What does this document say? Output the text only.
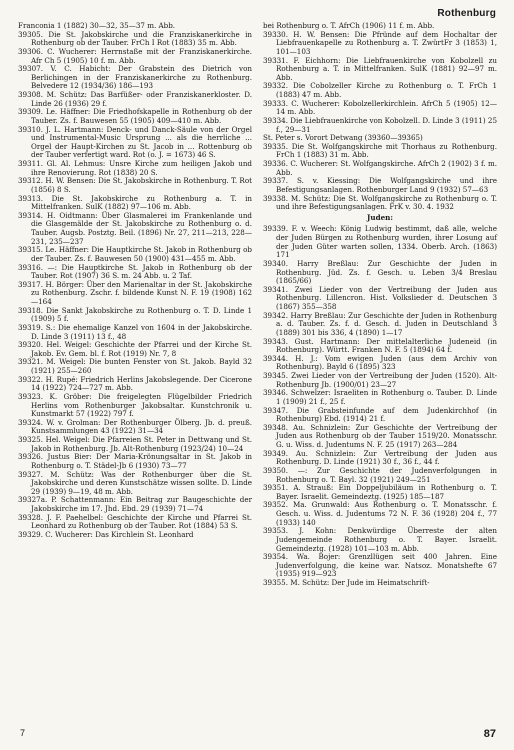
Rothenburg

Franconia 1 (1882) 30—32, 35—37 m. Abb.

39305. Die St. Jakobskirche und die Franziskanerkirche in Rothenburg ob der Tauber. FrCh I Rot (1883) 35 m. Abb.

39306. C. Wucherer: Herrnstaße mit der Franziskanerkirche. Afr Ch 5 (1905) 10 f. m. Abb.

39307. V. C. Habicht: Der Grabstein des Dietrich von Berlichingen in der Franziskanerkirche zu Rothenburg. Belvedere 12 (1934/36) 186—193

39308. M. Schütz: Das Barfüßer- oder Franziskanerkloster. D. Linde 26 (1936) 29 f.

39309. Le. Häffner: Die Friedhofskapelle in Rothenburg ob der Tauber. Zs. f. Bauwesen 55 (1905) 409—410 m. Abb.

39310. J. L. Hartmann: Denck- und Danck-Säule von der Orgel und Instrumental-Music Ursprung ... als die herrliche ... Orgel der Haupt-Kirchen zu St. Jacob in ... Rottenburg ob der Tauber verfertigt ward. Rot (o. J. = 1673) 46 S.

39311. Gl. Al. Lehmus: Unsre Kirche zum heiligen Jakob und ihre Renovierung. Rot (1838) 20 S.

39312. H. W. Bensen: Die St. Jakobskirche in Rothenburg. T. Rot (1856) 8 S.

39313. Die St. Jakobskirche zu Rothenburg a. T. in Mittelfranken. SulK (1882) 97—106 m. Abb.

39314. H. Oidtmann: Über Glasmalerei im Frankenlande und die Glasgemälde der St. Jakobskirche zu Rothenburg o. d. Tauber. Augsb. Postztg. Beil. (1896) Nr. 27, 211—213, 228—231, 235—237

39315. Le. Häffner: Die Hauptkirche St. Jakob in Rothenburg ob der Tauber. Zs. f. Bauwesen 50 (1900) 431—455 m. Abb.

39316. —: Die Hauptkirche St. Jakob in Rothenburg ob der Tauber. Rot (1907) 36 S. m. 24 Abb. u. 2 Taf.

39317. H. Börger: Über den Marienaltar in der St. Jakobskirche zu Rothenburg. Zschr. f. bildende Kunst N. F. 19 (1908) 162—164

39318. Die Sankt Jakobskirche zu Rothenburg o. T. D. Linde 1 (1909) 5 f.

39319. S.: Die ehemalige Kanzel von 1604 in der Jakobskirche. D. Linde 3 (1911) 13 f., 48

39320. Hel. Weigel: Geschichte der Pfarrei und der Kirche St. Jakob. Ev. Gem. bl. f. Rot (1919) Nr. 7, 8

39321. M. Weigel: Die bunten Fenster von St. Jakob. Bayld 32 (1921) 255—260

39322. H. Rupé: Friedrich Herlins Jakobslegende. Der Cicerone 14 (1922) 724—727 m. Abb.

39323. K. Gröber: Die freigelegten Flügelbilder Friedrich Herlins vom Rothenburger Jakobsaltar. Kunstchronik u. Kunstmarkt 57 (1922) 797 f.

39324. W. v. Grolman: Der Rothenburger Ölberg. Jb. d. preuß. Kunstsammlungen 43 (1922) 31—34

39325. Hel. Weigel: Die Pfarreien St. Peter in Dettwang und St. Jakob in Rothenburg. Jb. Alt-Rothenburg (1923/24) 10—24

39326. Justus Bier: Der Maria-Krönungsaltar in St. Jakob in Rothenburg o. T. Städel-Jb 6 (1930) 73—77

39327. M. Schütz: Was der Rothenburger über die St. Jakobskirche und deren Kunstschätze wissen sollte. D. Linde 29 (1939) 9—19, 48 m. Abb.

39327a. P. Schattenmann: Ein Beitrag zur Baugeschichte der Jakobskirche im 17. Jhd. Ebd. 29 (1939) 71—74

39328. J. F. Paehelbel: Geschichte der Kirche und Pfarrei St. Leonhard zu Rothenburg ob der Tauber. Rot (1884) 53 S.

39329. C. Wucherer: Das Kirchlein St. Leonhard

bei Rothenburg o. T. AfrCh (1906) 11 f. m. Abb.

39330. H. W. Bensen: Die Pfründe auf dem Hochaltar der Liebfrauenkapelle zu Rothenburg a. T. ZwürtFr 3 (1853) 1, 101—103

39331. F. Eichhorn: Die Liebfrauenkirche von Kobolzell zu Rothenburg a. T. in Mittelfranken. SulK (1881) 92—97 m. Abb.

39332. Die Cobolzeller Kirche zu Rothenburg o. T. FrCh 1 (1883) 47 m. Abb.

39333. C. Wucherer: Kobolzellerkirchlein. AfrCh 5 (1905) 12—14 m. Abb.

39334. Die Liebfrauenkirche von Kobolzell. D. Linde 3 (1911) 25 f., 29—31

St. Peter s. Vorort Detwang (39360—39365)

39335. Die St. Wolfgangskirche mit Thorhaus zu Rothenburg. FrCh 1 (1883) 31 m. Abb.

39336. C. Wucherer: St. Wolfgangskirche. AfrCh 2 (1902) 3 f. m. Abb.

39337. S. v. Kiessing: Die Wolfgangskirche und ihre Befestigungsanlagen. Rothenburger Land 9 (1932) 57—63

39338. M. Schütz: Die St. Wolfgangskirche zu Rothenburg o. T. und ihre Befestigungsanlagen. FrK v. 30. 4. 1932

Juden:

39339. F. v. Weech: König Ludwig bestimmt, daß alle, welche der Juden Bürgen zu Rothenburg wurden, ihrer Losung auf der Juden Güter warten sollen, 1334. Oberb. Arch. (1863) 171

39340. Harry Breßlau: Zur Geschichte der Juden in Rothenburg. Jüd. Zs. f. Gesch. u. Leben 3/4 Breslau (1865/66)

39341. Zwei Lieder von der Vertreibung der Juden aus Rothenburg. Lillencron. Hist. Volkslieder d. Deutschen 3 (1867) 355—358

39342. Harry Breßlau: Zur Geschichte der Juden in Rothenburg a. d. Tauber. Zs. f. d. Gesch. d. Juden in Deutschland 3 (1889) 301 bis 336, 4 (1890) 1—17

39343. Gust. Hartmann: Der mittelalterliche Judeneid (in Rothenburg). Württ. Franken N. F. 5 (1894) 64 f.

39344. H. J.: Vom ewigen Juden (aus dem Archiv von Rothenburg). Bayld 6 (1895) 323

39345. Zwei Lieder von der Vertreibung der Juden (1520). Alt-Rothenburg Jb. (1900/01) 23—27

39346. Schwelzer: Israeliten in Rothenburg o. Tauber. D. Linde 1 (1909) 21 f., 25 f.

39347. Die Grabsteinfunde auf dem Judenkirchhof (in Rothenburg) Ebd. (1914) 21 f.

39348. Au. Schnizlein: Zur Geschichte der Vertreibung der Juden aus Rothenburg ob der Tauber 1519/20. Monatsschr. G. u. Wiss. d. Judentums N. F. 25 (1917) 263—284

39349. Au. Schnizlein: Zur Vertreibung der Juden aus Rothenburg. D. Linde (1921) 30 f., 36 f., 44 f.

39350. —: Zur Geschichte der Judenverfolgungen in Rothenburg o. T. Bayl. 32 (1921) 249—251

39351. A. Strauß: Ein Doppeljubiläum in Rothenburg o. T. Bayer. Israelit. Gemeindeztg. (1925) 185—187

39352. Ma. Grunwald: Aus Rothenburg o. T. Monatsschr. f. Gesch. u. Wiss. d. Judentums 72 N. F. 36 (1928) 204 f., 77 (1933) 140

39353. J. Kohn: Denkwürdige Überreste der alten Judengemeinde Rothenburg o. T. Bayer. Israelit. Gemeindeztg. (1928) 101—103 m. Abb.

39354. Wa. Bojer: Grenzllügen seit 400 Jahren. Eine Judenverfolgung, die keine war. Natsoz. Monatshefte 67 (1935) 919—923

39355. M. Schütz: Der Jude im Heimatschrift-

7	87
